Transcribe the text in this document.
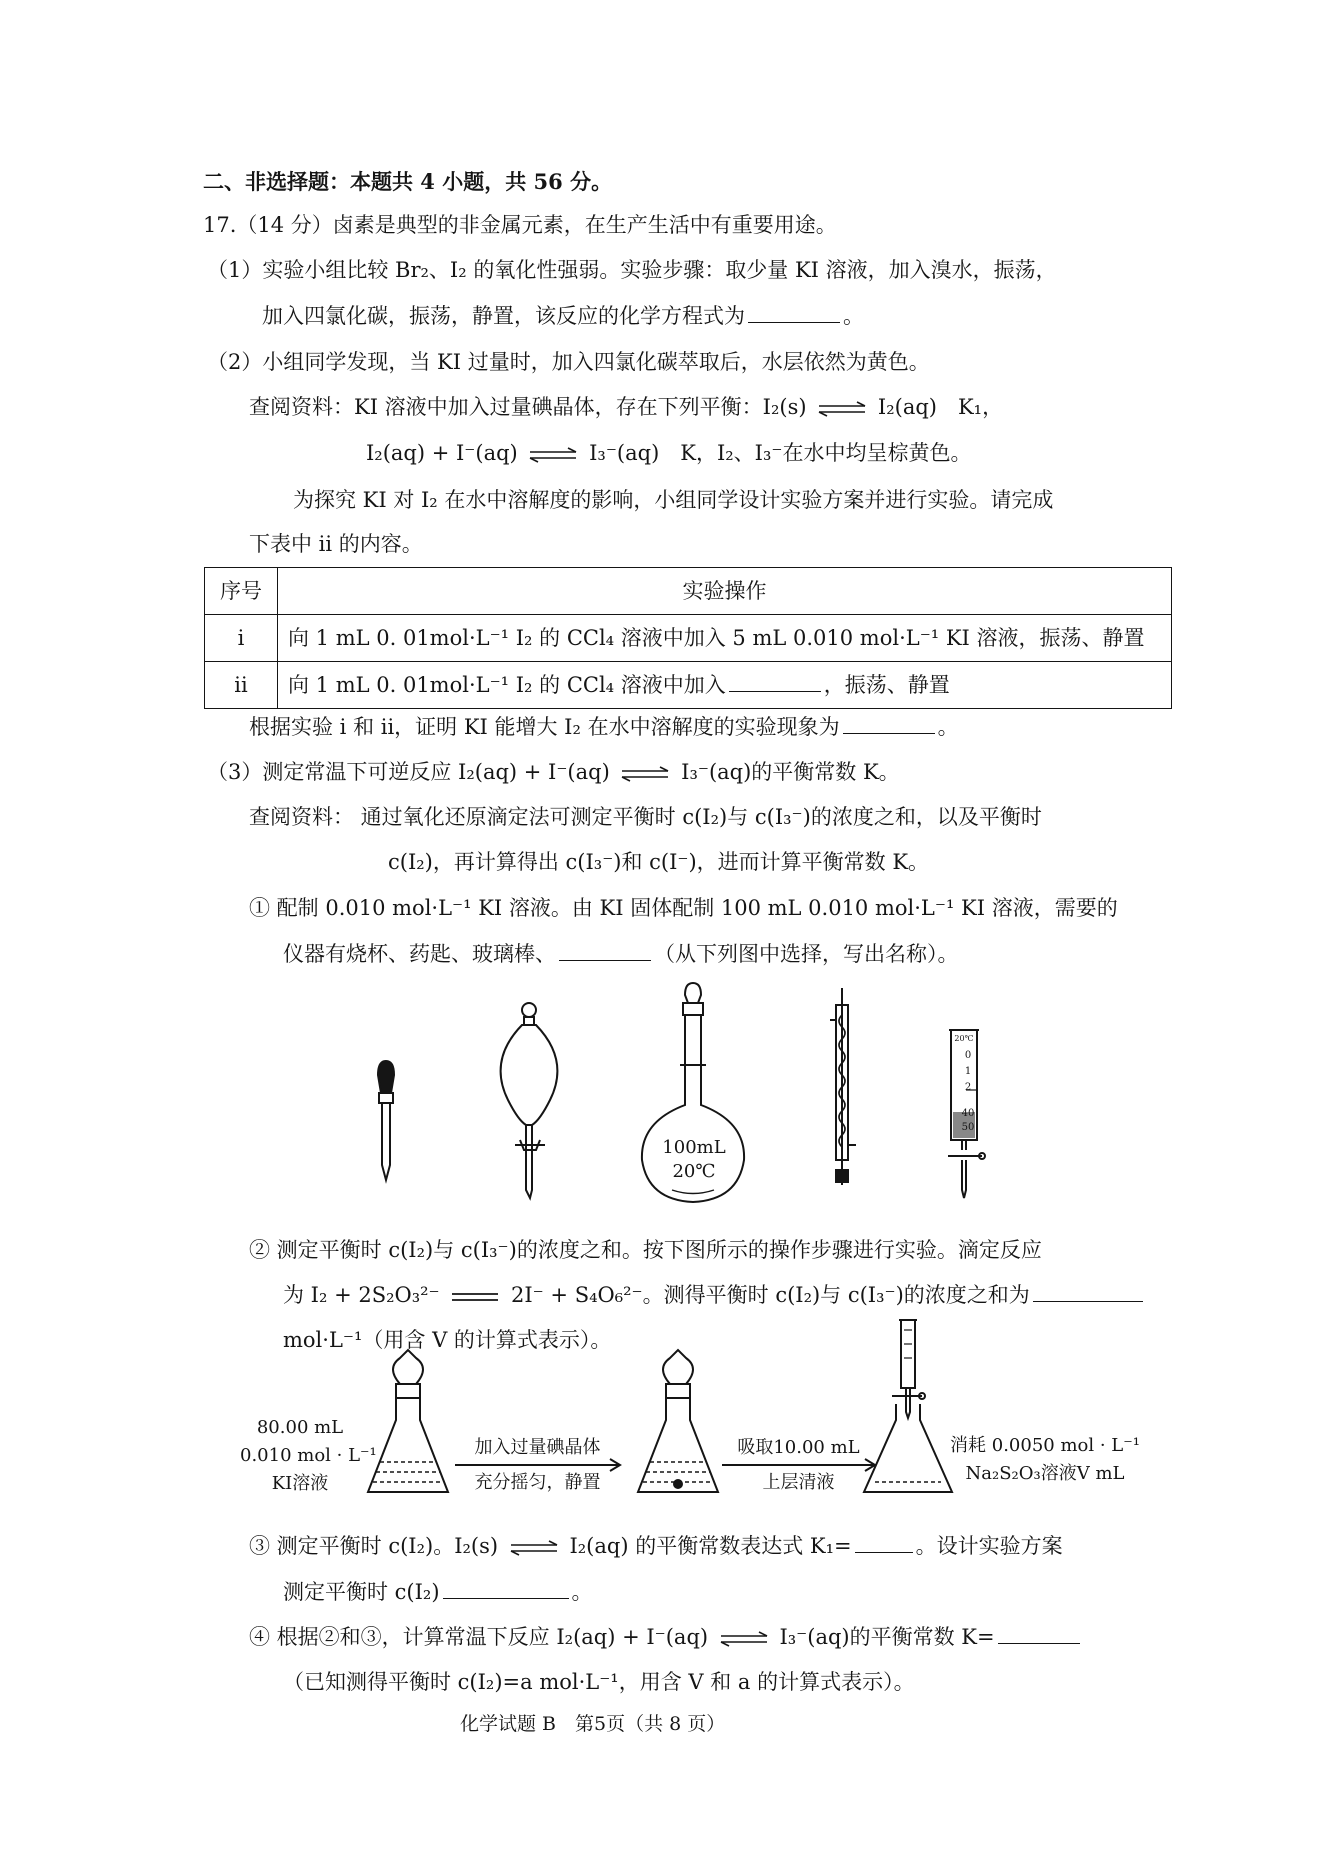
二、非选择题：本题共 4 小题，共 56 分。
17.（14 分）卤素是典型的非金属元素，在生产生活中有重要用途。
（1）实验小组比较 Br₂、I₂ 的氧化性强弱。实验步骤：取少量 KI 溶液，加入溴水，振荡，
加入四氯化碳，振荡，静置，该反应的化学方程式为	。
（2）小组同学发现，当 KI 过量时，加入四氯化碳萃取后，水层依然为黄色。
查阅资料：KI 溶液中加入过量碘晶体，存在下列平衡：I₂(s) ⇌ I₂(aq)　K₁，
I₂(aq) + I⁻(aq) ⇌ I₃⁻(aq)　K，I₂、I₃⁻在水中均呈棕黄色。
为探究 KI 对 I₂ 在水中溶解度的影响，小组同学设计实验方案并进行实验。请完成
下表中 ii 的内容。
序号	实验操作
i	向 1 mL 0. 01mol·L⁻¹ I₂ 的 CCl₄ 溶液中加入 5 mL 0.010 mol·L⁻¹ KI 溶液，振荡、静置
ii	向 1 mL 0. 01mol·L⁻¹ I₂ 的 CCl₄ 溶液中加入 ，振荡、静置
根据实验 i 和 ii，证明 KI 能增大 I₂ 在水中溶解度的实验现象为	。
（3）测定常温下可逆反应 I₂(aq) + I⁻(aq) ⇌ I₃⁻(aq)的平衡常数 K。
查阅资料： 通过氧化还原滴定法可测定平衡时 c(I₂)与 c(I₃⁻)的浓度之和，以及平衡时
c(I₂)，再计算得出 c(I₃⁻)和 c(I⁻)，进而计算平衡常数 K。
① 配制 0.010 mol·L⁻¹ KI 溶液。由 KI 固体配制 100 mL 0.010 mol·L⁻¹ KI 溶液，需要的
仪器有烧杯、药匙、玻璃棒、	（从下列图中选择，写出名称）。
100mL
20℃
20℃
0
1
2
40
50
② 测定平衡时 c(I₂)与 c(I₃⁻)的浓度之和。按下图所示的操作步骤进行实验。滴定反应
为 I₂ + 2S₂O₃²⁻	2I⁻ + S₄O₆²⁻。测得平衡时 c(I₂)与 c(I₃⁻)的浓度之和为
mol·L⁻¹（用含 V 的计算式表示）。
80.00 mL
0.010 mol · L⁻¹
KI溶液
加入过量碘晶体
充分摇匀，静置
吸取10.00 mL
上层清液
消耗 0.0050 mol · L⁻¹
Na₂S₂O₃溶液V mL
③ 测定平衡时 c(I₂)。I₂(s) ⇌ I₂(aq) 的平衡常数表达式 K₁=	。设计实验方案
测定平衡时 c(I₂)	。
④ 根据②和③，计算常温下反应 I₂(aq) + I⁻(aq) ⇌ I₃⁻(aq)的平衡常数 K=
（已知测得平衡时 c(I₂)=a mol·L⁻¹，用含 V 和 a 的计算式表示）。
化学试题 B　第5页（共 8 页）
